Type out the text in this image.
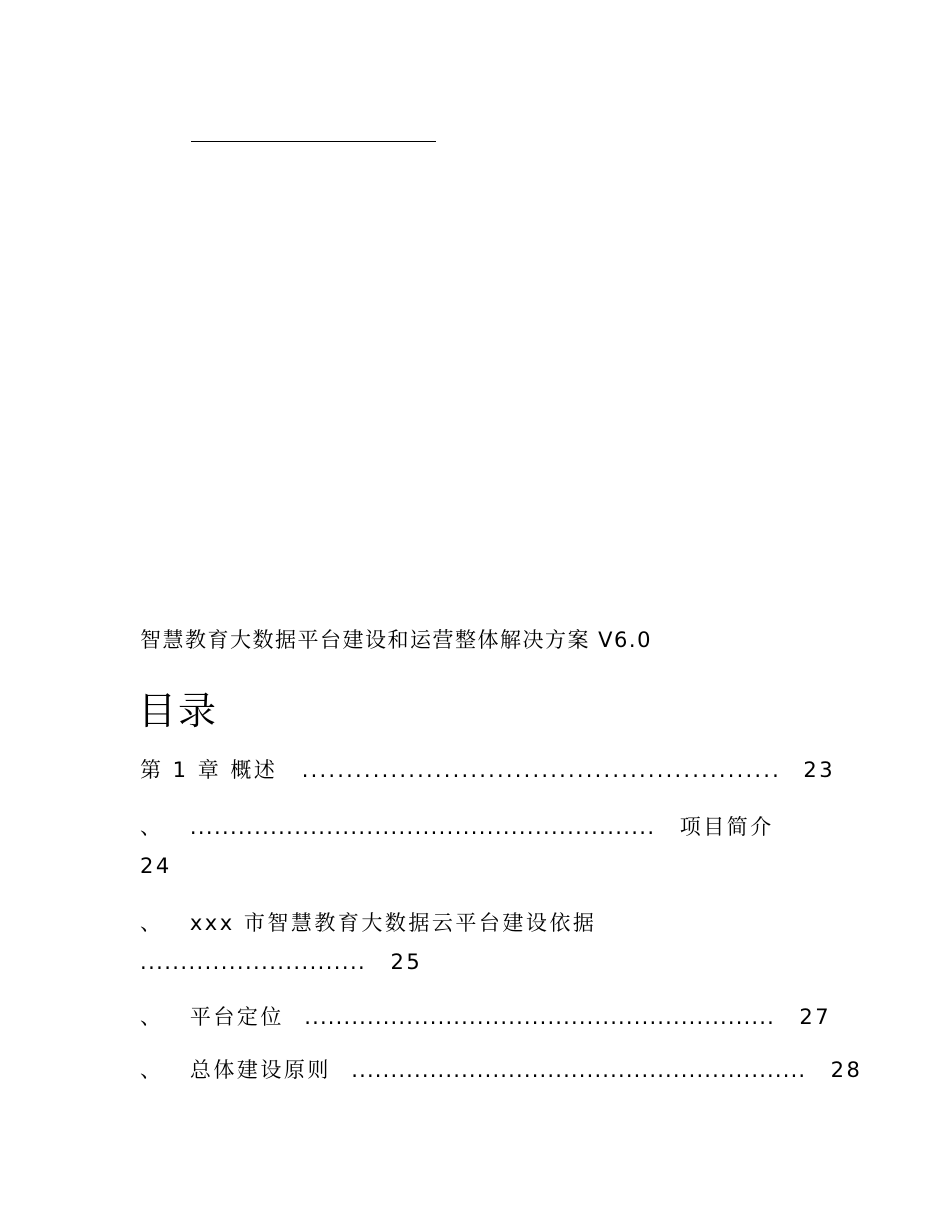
智慧教育大数据平台建设和运营整体解决方案 V6.0
目录
第 1 章 概述 ...................................................... 23
、 .......................................................... 项目简介
24
、 xxx 市智慧教育大数据云平台建设依据
............................ 25
、 平台定位 ............................................................ 27
、 总体建设原则 .......................................................... 28
